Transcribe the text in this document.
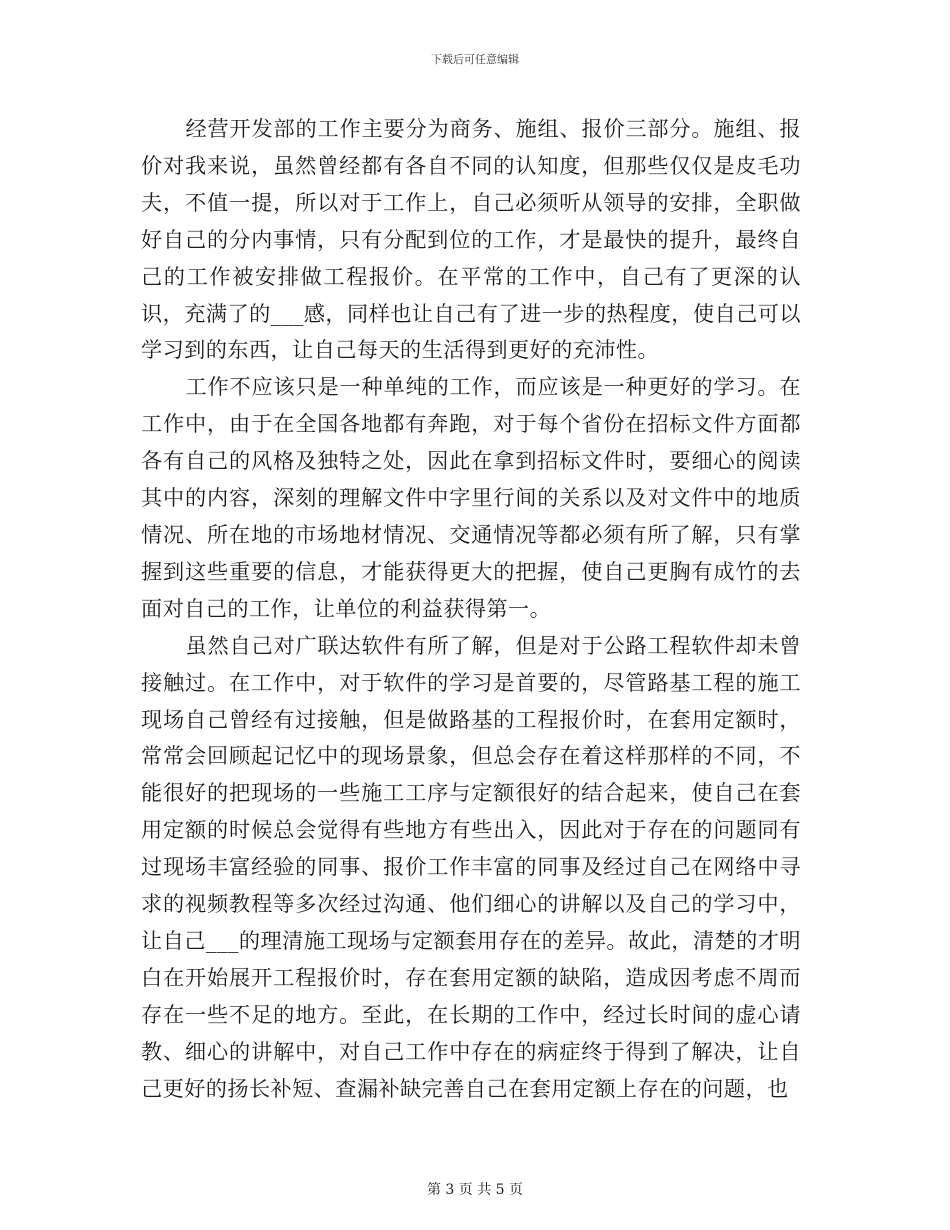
下载后可任意编辑

经营开发部的工作主要分为商务、施组、报价三部分。施组、报价对我来说，虽然曾经都有各自不同的认知度，但那些仅仅是皮毛功夫，不值一提，所以对于工作上，自己必须听从领导的安排，全职做好自己的分内事情，只有分配到位的工作，才是最快的提升，最终自己的工作被安排做工程报价。在平常的工作中，自己有了更深的认识，充满了的___感，同样也让自己有了进一步的热程度，使自己可以学习到的东西，让自己每天的生活得到更好的充沛性。

工作不应该只是一种单纯的工作，而应该是一种更好的学习。在工作中，由于在全国各地都有奔跑，对于每个省份在招标文件方面都各有自己的风格及独特之处，因此在拿到招标文件时，要细心的阅读其中的内容，深刻的理解文件中字里行间的关系以及对文件中的地质情况、所在地的市场地材情况、交通情况等都必须有所了解，只有掌握到这些重要的信息，才能获得更大的把握，使自己更胸有成竹的去面对自己的工作，让单位的利益获得第一。

虽然自己对广联达软件有所了解，但是对于公路工程软件却未曾接触过。在工作中，对于软件的学习是首要的，尽管路基工程的施工现场自己曾经有过接触，但是做路基的工程报价时，在套用定额时，常常会回顾起记忆中的现场景象，但总会存在着这样那样的不同，不能很好的把现场的一些施工工序与定额很好的结合起来，使自己在套用定额的时候总会觉得有些地方有些出入，因此对于存在的问题同有过现场丰富经验的同事、报价工作丰富的同事及经过自己在网络中寻求的视频教程等多次经过沟通、他们细心的讲解以及自己的学习中，让自己___的理清施工现场与定额套用存在的差异。故此，清楚的才明白在开始展开工程报价时，存在套用定额的缺陷，造成因考虑不周而存在一些不足的地方。至此，在长期的工作中，经过长时间的虚心请教、细心的讲解中，对自己工作中存在的病症终于得到了解决，让自己更好的扬长补短、查漏补缺完善自己在套用定额上存在的问题，也

第 3 页 共 5 页
